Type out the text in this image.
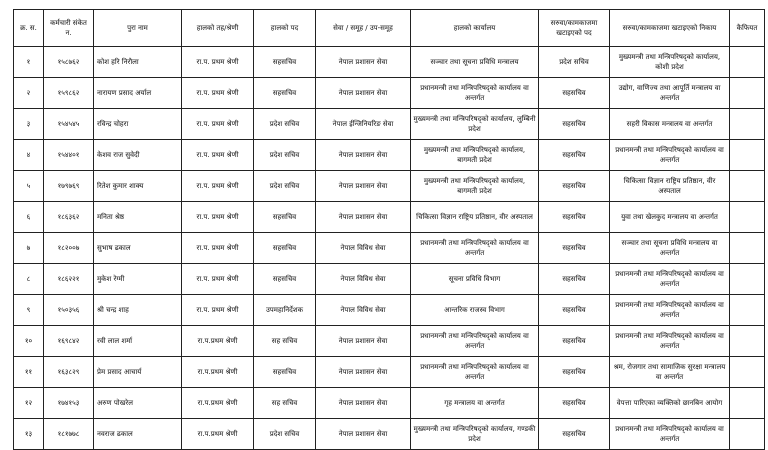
क्र. स.	कर्मचारी संकेत न.	पुरा नाम	हालको तह/श्रेणी	हालको पद	सेवा / समूह / उप-समूह	हालको कार्यालय	सरुवा/कामकाजमा खटाइएको पद	सरुवा/कामकाजमा खटाइएको निकाय	कैफियत
१	१५८७६२	कोश हरि निरौला	रा.प. प्रथम श्रेणी	सहसचिव	नेपाल प्रशासन सेवा	सञ्चार तथा सूचना प्रविधि मन्त्रालय	प्रदेश सचिव	मुख्यमन्त्री तथा मन्त्रिपरिषद्को कार्यालय, कोशी प्रदेश	
२	१५९८६२	नारायण प्रसाद अर्याल	रा.प. प्रथम श्रेणी	सहसचिव	नेपाल प्रशासन सेवा	प्रधानमन्त्री तथा मन्त्रिपरिषद्को कार्यालय वा अन्तर्गत	सहसचिव	उद्योग, वाणिज्य तथा आपूर्ति मन्त्रालय वा अन्तर्गत	
३	१५४५४५	रविन्द्र चोहरा	रा.प. प्रथम श्रेणी	प्रदेश सचिव	नेपाल ईन्जिनियरिङ सेवा	मुख्यमन्त्री तथा मन्त्रिपरिषद्को कार्यालय, लुम्बिनी प्रदेश	सहसचिव	सहरी विकास मन्त्रालय वा अन्तर्गत	
४	१५४४०१	केशव राज सुवेदी	रा.प. प्रथम श्रेणी	प्रदेश सचिव	नेपाल प्रशासन सेवा	मुख्यमन्त्री तथा मन्त्रिपरिषद्को कार्यालय, बागमती प्रदेश	सहसचिव	प्रधानमन्त्री तथा मन्त्रिपरिषद्को कार्यालय वा अन्तर्गत	
५	१७९७६९	रितेश कुमार शाक्य	रा.प. प्रथम श्रेणी	प्रदेश सचिव	नेपाल प्रशासन सेवा	मुख्यमन्त्री तथा मन्त्रिपरिषद्को कार्यालय, बागमती प्रदेश	सहसचिव	चिकित्सा विज्ञान राष्ट्रिय प्रतिष्ठान, वीर अस्पताल	
६	१८६३६२	मनिता श्रेष्ठ	रा.प. प्रथम श्रेणी	सहसचिव	नेपाल प्रशासन सेवा	चिकित्सा विज्ञान राष्ट्रिय प्रतिष्ठान, वीर अस्पताल	सहसचिव	युवा तथा खेलकुद मन्त्रालय वा अन्तर्गत	
७	१८२००७	सुभाष ढकाल	रा.प. प्रथम श्रेणी	सहसचिव	नेपाल विविध सेवा	प्रधानमन्त्री तथा मन्त्रिपरिषद्को कार्यालय वा अन्तर्गत	सहसचिव	सञ्चार तथा सूचना प्रविधि मन्त्रालय वा अन्तर्गत	
८	१८६२२१	मुकेश रेग्मी	रा.प. प्रथम श्रेणी	सहसचिव	नेपाल विविध सेवा	सूचना प्रविधि विभाग	सहसचिव	प्रधानमन्त्री तथा मन्त्रिपरिषद्को कार्यालय वा अन्तर्गत	
९	१५०३५६	श्री चन्द्र शाह	रा.प. प्रथम श्रेणी	उपमहानिर्देशक	नेपाल विविध सेवा	आन्तरिक राजस्व विभाग	सहसचिव	प्रधानमन्त्री तथा मन्त्रिपरिषद्को कार्यालय वा अन्तर्गत	
१०	१६९८४२	रवी लाल शर्मा	रा.प.प्रथम श्रेणी	सह सचिव	नेपाल प्रशासन सेवा	प्रधानमन्त्री तथा मन्त्रिपरिषद्को कार्यालय वा अन्तर्गत	सहसचिव	प्रधानमन्त्री तथा मन्त्रिपरिषद्को कार्यालय वा अन्तर्गत	
११	१६३८२९	प्रेम प्रसाद आचार्य	रा.प.प्रथम श्रेणी	सहसचिव	नेपाल प्रशासन सेवा	प्रधानमन्त्री तथा मन्त्रिपरिषद्को कार्यालय वा अन्तर्गत	सहसचिव	श्रम, रोजगार तथा सामाजिक सुरक्षा मन्त्रालय वा अन्तर्गत	
१२	१७४१५३	अरुण पोखरेल	रा.प.प्रथम श्रेणी	सह सचिव	नेपाल प्रशासन सेवा	गृह मन्त्रालय वा अन्तर्गत	सहसचिव	वेपत्ता पारिएका व्यक्तिको छानबिन आयोग	
१३	१८१७७८	नवराज ढकाल	रा.प.प्रथम श्रेणी	प्रदेश सचिव	नेपाल प्रशासन सेवा	मुख्यमन्त्री तथा मन्त्रिपरिषद्को कार्यालय, गण्डकी प्रदेश	सहसचिव	प्रधानमन्त्री तथा मन्त्रिपरिषद्को कार्यालय वा अन्तर्गत	
